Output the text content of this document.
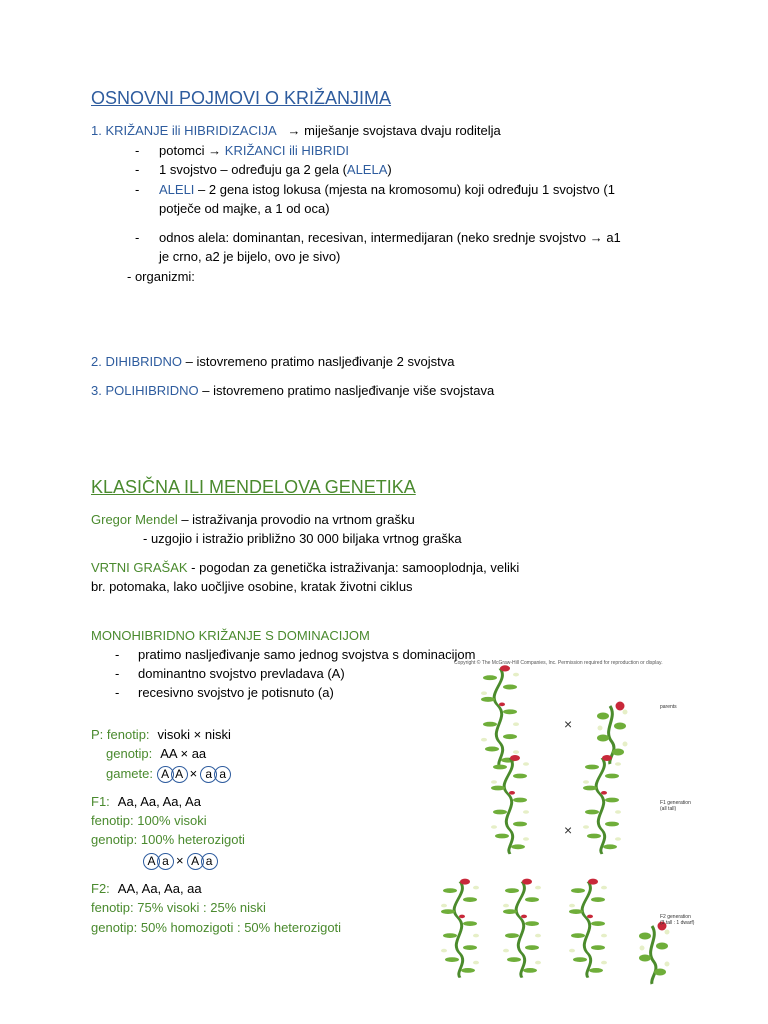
OSNOVNI POJMOVI O KRIŽANJIMA
1. KRIŽANJE ili HIBRIDIZACIJA → miješanje svojstava dvaju roditelja
- potomci → KRIŽANCI ili HIBRIDI
- 1 svojstvo – određuju ga 2 gela (ALELA)
- ALELI – 2 gena istog lokusa (mjesta na kromosomu) koji određuju 1 svojstvo (1
potječe od majke, a 1 od oca)
- odnos alela: dominantan, recesivan, intermedijaran (neko srednje svojstvo → a1
je crno, a2 je bijelo, ovo je sivo)
- organizmi:
2. DIHIBRIDNO – istovremeno pratimo nasljeđivanje 2 svojstva
3. POLIHIBRIDNO – istovremeno pratimo nasljeđivanje više svojstava
KLASIČNA ILI MENDELOVA GENETIKA
Gregor Mendel – istraživanja provodio na vrtnom grašku
- uzgojio i istražio približno 30 000 biljaka vrtnog graška
VRTNI GRAŠAK - pogodan za genetička istraživanja: samooplodnja, veliki
br. potomaka, lako uočljive osobine, kratak životni ciklus
MONOHIBRIDNO KRIŽANJE S DOMINACIJOM
- pratimo nasljeđivanje samo jednog svojstva s dominacijom
- dominantno svojstvo prevladava (A)
- recesivno svojstvo je potisnuto (a)
P: fenotip: visoki × niski
genotip: AA × aa
gamete: A A × a a
F1: Aa, Aa, Aa, Aa
fenotip: 100% visoki
genotip: 100% heterozigoti
A a × A a
F2: AA, Aa, Aa, aa
fenotip: 75% visoki : 25% niski
genotip: 50% homozigoti : 50% heterozigoti
Copyright © The McGraw-Hill Companies, Inc. Permission required for reproduction or display.
×
×
parents
F1 generation
(all tall)
F2 generation
(3 tall : 1 dwarf)
